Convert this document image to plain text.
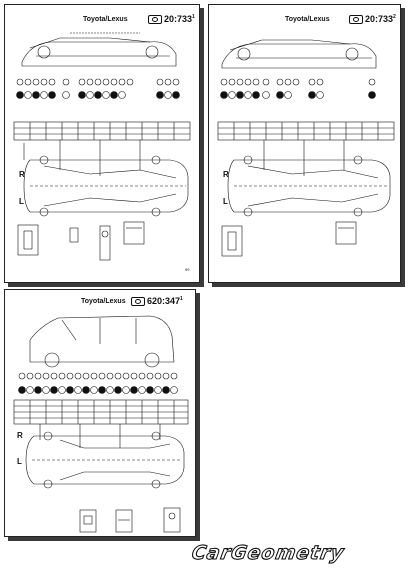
Toyota/Lexus	$20:733^1$
R
L
99
Toyota/Lexus	$20:733^2$
R
L
Toyota/Lexus	$620:347^1$
R
L
CarGeometry
